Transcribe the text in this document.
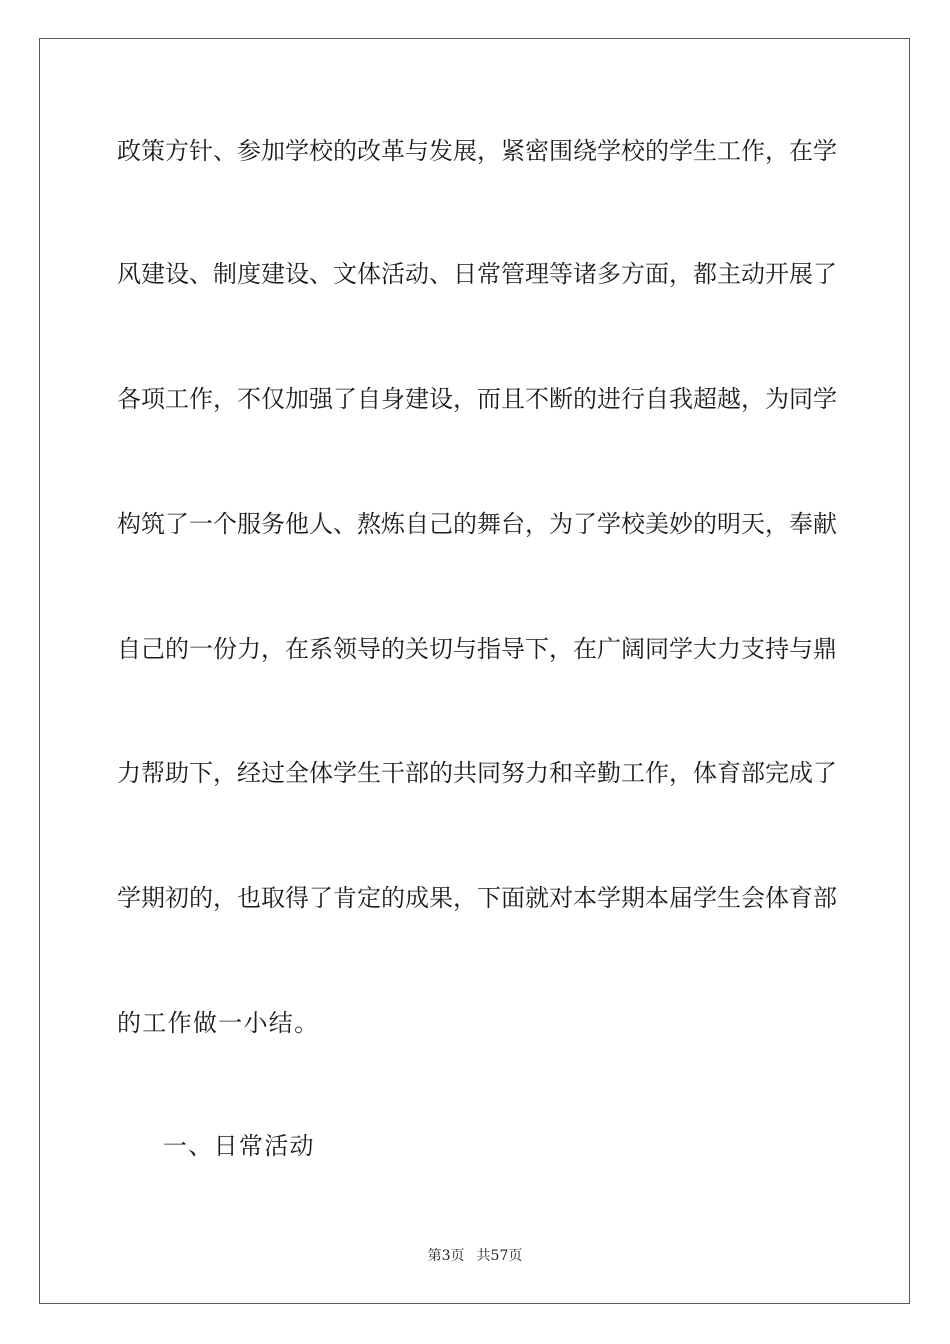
政策方针、参加学校的改革与发展，紧密围绕学校的学生工作，在学
风建设、制度建设、文体活动、日常管理等诸多方面，都主动开展了
各项工作，不仅加强了自身建设，而且不断的进行自我超越，为同学
构筑了一个服务他人、熬炼自己的舞台，为了学校美妙的明天，奉献
自己的一份力，在系领导的关切与指导下，在广阔同学大力支持与鼎
力帮助下，经过全体学生干部的共同努力和辛勤工作，体育部完成了
学期初的，也取得了肯定的成果，下面就对本学期本届学生会体育部
的工作做一小结。
一、日常活动
第3页 共57页
